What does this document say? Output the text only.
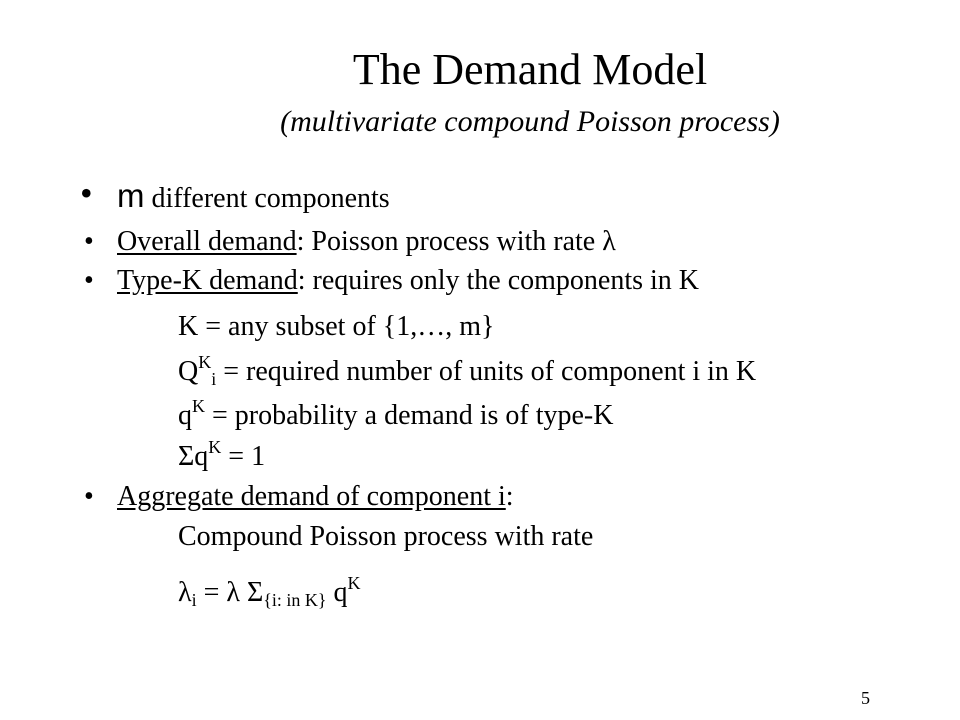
The Demand Model
(multivariate compound Poisson process)
• m different components
• Overall demand: Poisson process with rate λ
• Type-K demand: requires only the components in K
K = any subset of {1,…, m}
$Q^K_i$ = required number of units of component i in K
$q^K$ = probability a demand is of type-K
$\Sigma q^K = 1$
• Aggregate demand of component i:
Compound Poisson process with rate
$\lambda_i = \lambda$ $\Sigma_{\{i: in K\}}$ $q^K$
5
